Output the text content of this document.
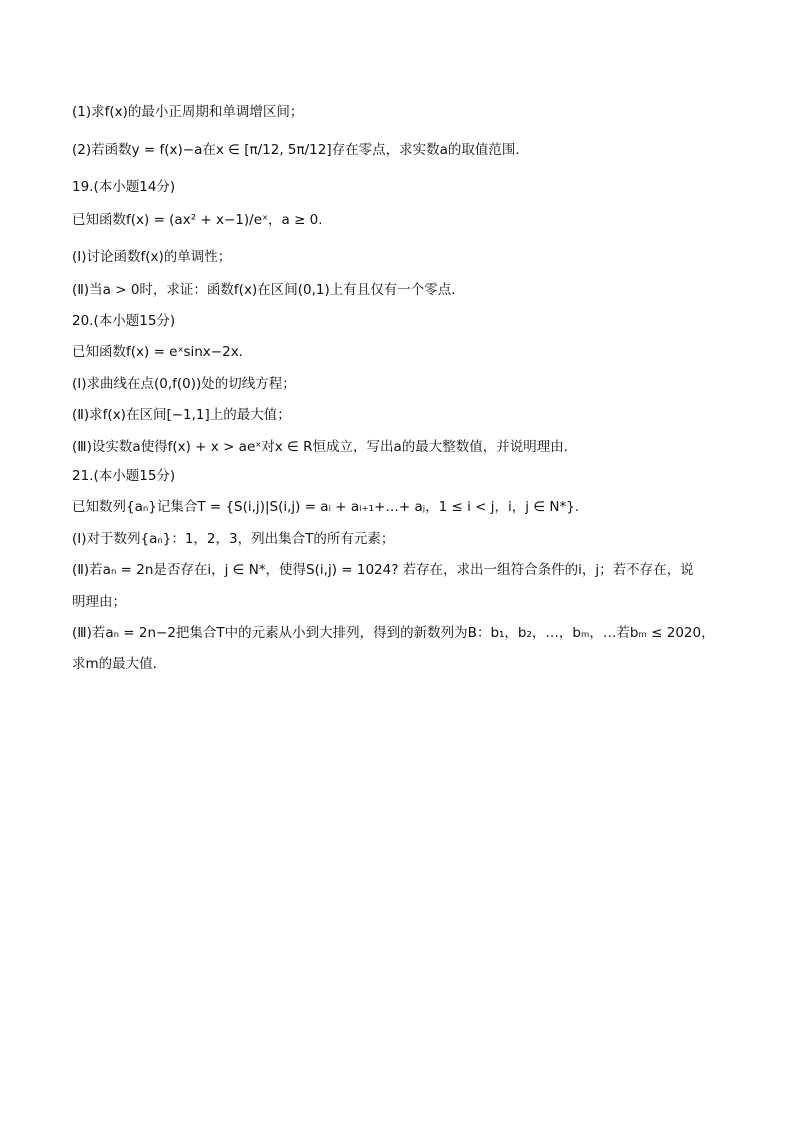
(1)求f(x)的最小正周期和单调增区间；
(2)若函数y = f(x)−a在x ∈ [π/12, 5π/12]存在零点，求实数a的取值范围．
19.(本小题14分)
已知函数f(x) = (ax² + x−1)/eˣ，a ≥ 0.
(Ⅰ)讨论函数f(x)的单调性；
(Ⅱ)当a > 0时，求证：函数f(x)在区间(0,1)上有且仅有一个零点．
20.(本小题15分)
已知函数f(x) = eˣsinx−2x．
(Ⅰ)求曲线在点(0,f(0))处的切线方程；
(Ⅱ)求f(x)在区间[−1,1]上的最大值；
(Ⅲ)设实数a使得f(x) + x > aeˣ对x ∈ R恒成立，写出a的最大整数值，并说明理由．
21.(本小题15分)
已知数列{aₙ}记集合T = {S(i,j)|S(i,j) = aᵢ + aᵢ₊₁+…+ aⱼ，1 ≤ i < j，i，j ∈ N*}.
(Ⅰ)对于数列{aₙ}：1，2，3，列出集合T的所有元素；
(Ⅱ)若aₙ = 2n是否存在i，j ∈ N*，使得S(i,j) = 1024? 若存在，求出一组符合条件的i，j；若不存在，说
明理由；
(Ⅲ)若aₙ = 2n−2把集合T中的元素从小到大排列，得到的新数列为B：b₁，b₂，…，bₘ，…若bₘ ≤ 2020，
求m的最大值．
